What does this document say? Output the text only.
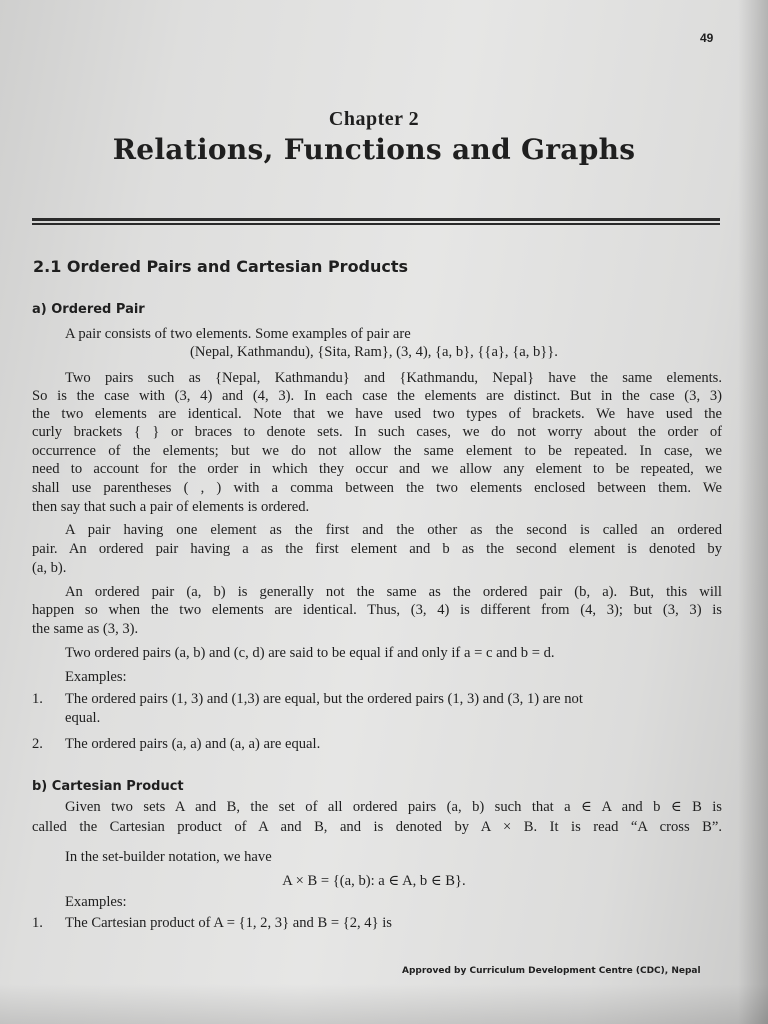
49
Chapter 2
Relations, Functions and Graphs
2.1 Ordered Pairs and Cartesian Products
a) Ordered Pair
A pair consists of two elements. Some examples of pair are
(Nepal, Kathmandu), {Sita, Ram}, (3, 4), {a, b}, {{a}, {a, b}}.
Two pairs such as {Nepal, Kathmandu} and {Kathmandu, Nepal} have the same elements.
So is the case with (3, 4) and (4, 3). In each case the elements are distinct. But in the case (3, 3)
the two elements are identical. Note that we have used two types of brackets. We have used the
curly brackets { } or braces to denote sets. In such cases, we do not worry about the order of
occurrence of the elements; but we do not allow the same element to be repeated. In case, we
need to account for the order in which they occur and we allow any element to be repeated, we
shall use parentheses ( , ) with a comma between the two elements enclosed between them. We
then say that such a pair of elements is ordered.
A pair having one element as the first and the other as the second is called an ordered
pair. An ordered pair having a as the first element and b as the second element is denoted by
(a, b).
An ordered pair (a, b) is generally not the same as the ordered pair (b, a). But, this will
happen so when the two elements are identical. Thus, (3, 4) is different from (4, 3); but (3, 3) is
the same as (3, 3).
Two ordered pairs (a, b) and (c, d) are said to be equal if and only if a = c and b = d.
Examples:
1. The ordered pairs (1, 3) and (1,3) are equal, but the ordered pairs (1, 3) and (3, 1) are not
equal.
2. The ordered pairs (a, a) and (a, a) are equal.
b) Cartesian Product
Given two sets A and B, the set of all ordered pairs (a, b) such that a ∈ A and b ∈ B is
called the Cartesian product of A and B, and is denoted by A × B. It is read “A cross B”.
In the set-builder notation, we have
A × B = {(a, b): a ∈ A, b ∈ B}.
Examples:
1. The Cartesian product of A = {1, 2, 3} and B = {2, 4} is
Approved by Curriculum Development Centre (CDC), Nepal
